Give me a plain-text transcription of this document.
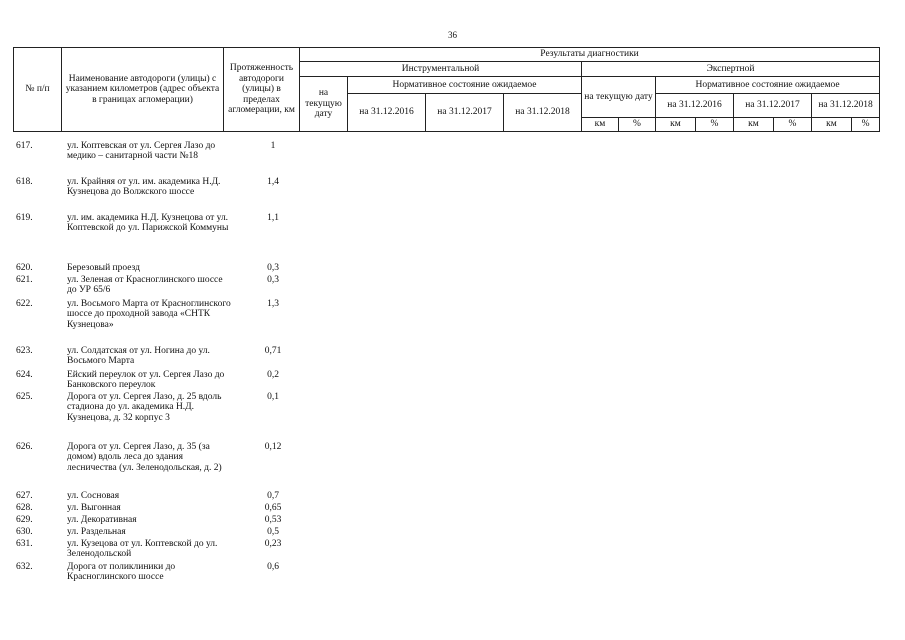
36
№ п/п	Наименование автодороги (улицы) с указанием километров (адрес объекта в границах агломерации)	Протяженность автодороги (улицы) в пределах агломерации, км	Результаты диагностики											
			Инструментальной				Экспертной							
			на текущую дату	Нормативное состояние ожидаемое			на текущую дату		Нормативное состояние ожидаемое					
				на 31.12.2016	на 31.12.2017	на 31.12.2018			на 31.12.2016		на 31.12.2017		на 31.12.2018	
							км	%	км	%	км	%	км	%
617.	ул. Коптевская от ул. Сергея Лазо до медико – санитарной части №18	1
618.	ул. Крайняя от ул. им. академика Н.Д. Кузнецова до Волжского шоссе	1,4
619.	ул. им. академика Н.Д. Кузнецова от ул. Коптевской до ул. Парижской Коммуны	1,1
620.	Березовый проезд	0,3
621.	ул. Зеленая от Красноглинского шоссе до УР 65/6	0,3
622.	ул. Восьмого Марта от Красноглинского шоссе до проходной завода «СНТК Кузнецова»	1,3
623.	ул. Солдатская от ул. Ногина до ул. Восьмого Марта	0,71
624.	Ейский переулок от ул. Сергея Лазо до Банковского переулок	0,2
625.	Дорога от ул. Сергея Лазо, д. 25 вдоль стадиона до ул. академика Н.Д. Кузнецова, д. 32 корпус 3	0,1
626.	Дорога от ул. Сергея Лазо, д. 35 (за домом) вдоль леса до здания лесничества (ул. Зеленодольская, д. 2)	0,12
627.	ул. Сосновая	0,7
628.	ул. Выгонная	0,65
629.	ул. Декоративная	0,53
630.	ул. Раздельная	0,5
631.	ул. Кузецова от ул. Коптевской до ул. Зеленодольской	0,23
632.	Дорога от поликлиники до Красноглинского шоссе	0,6
